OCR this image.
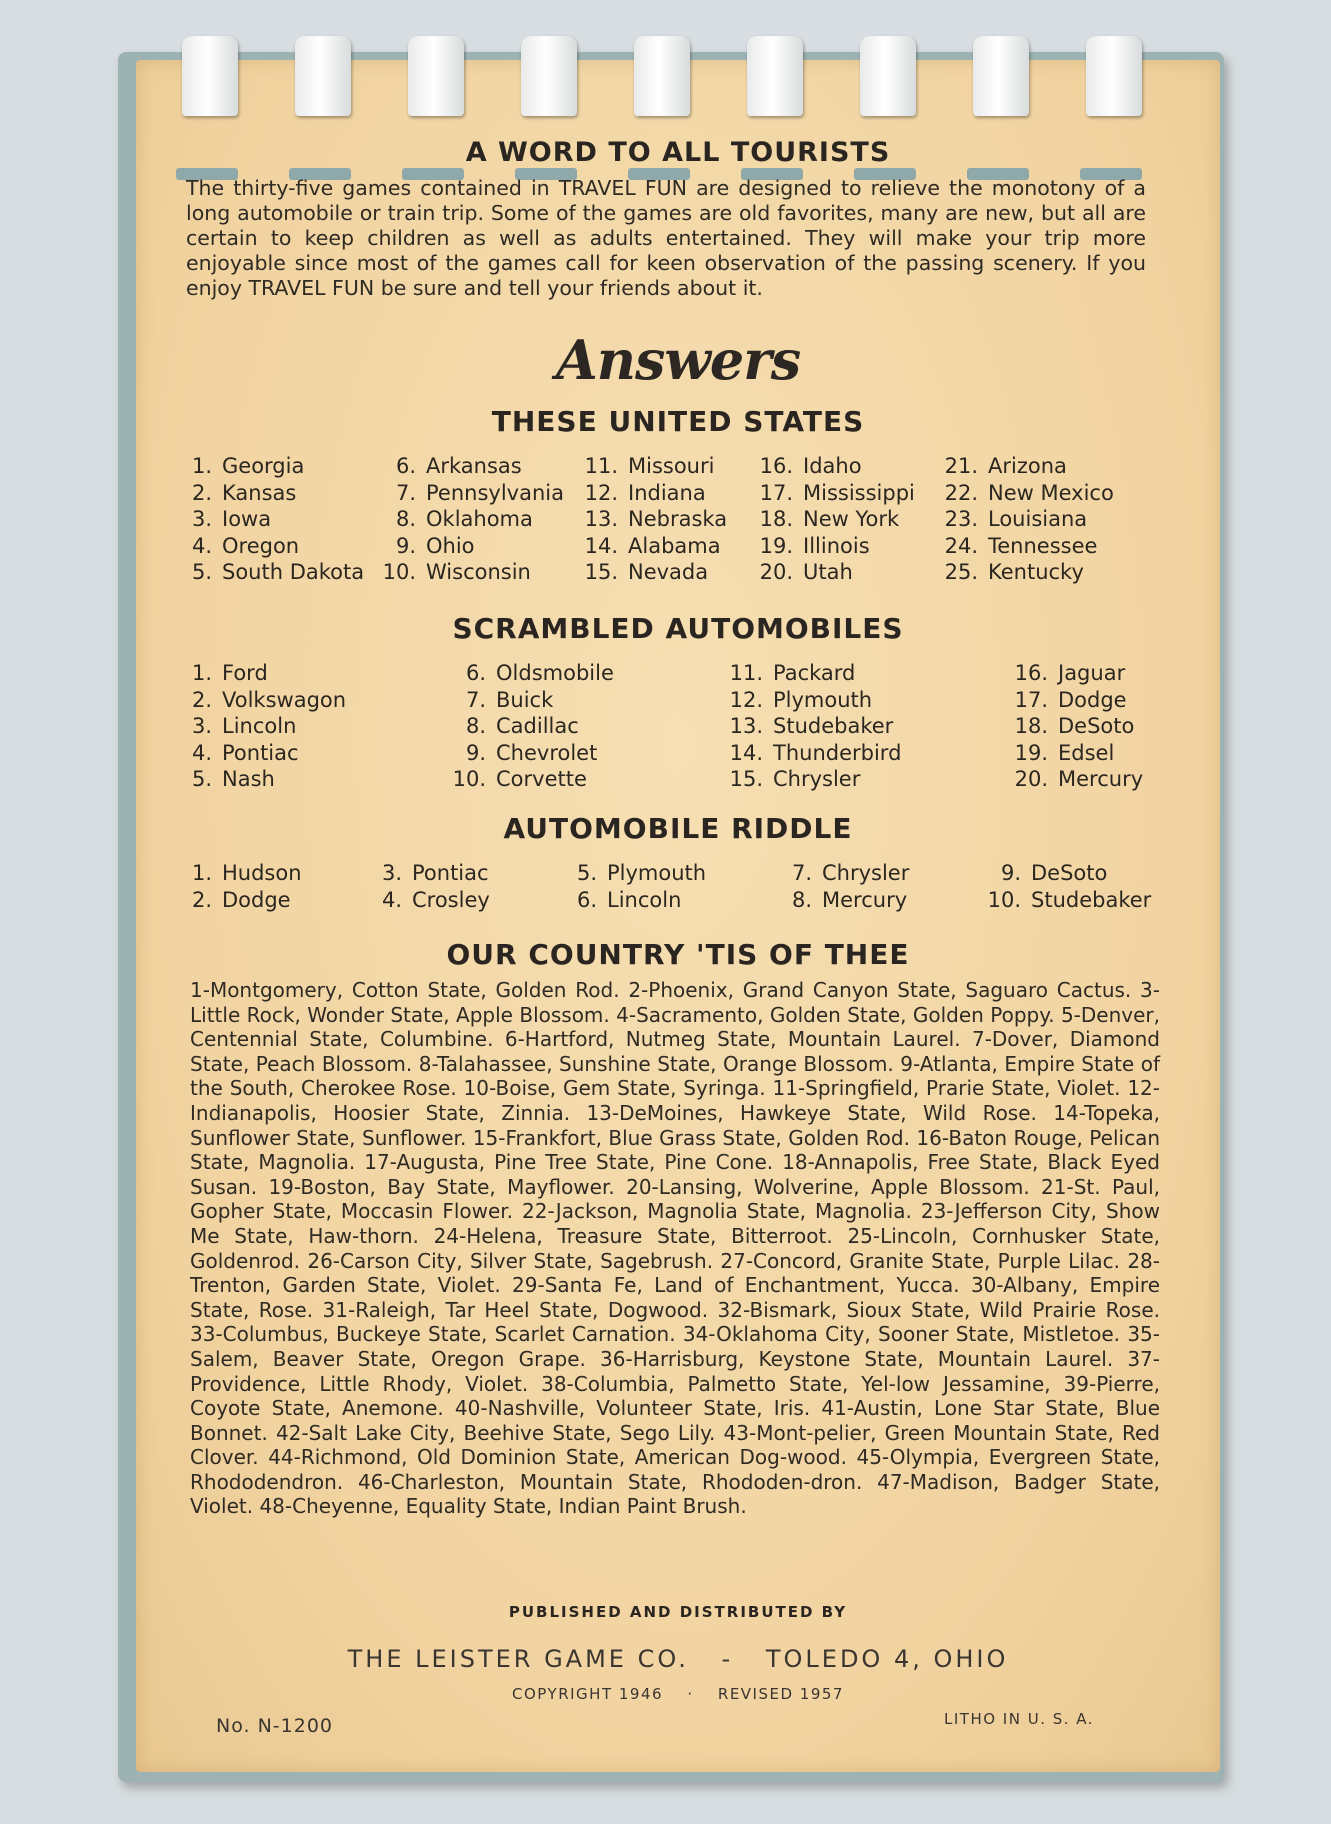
A WORD TO ALL TOURISTS
The thirty-five games contained in TRAVEL FUN are designed to relieve the monotony of a long automobile or train trip. Some of the games are old favorites, many are new, but all are certain to keep children as well as adults entertained. They will make your trip more enjoyable since most of the games call for keen observation of the passing scenery. If you enjoy TRAVEL FUN be sure and tell your friends about it.
Answers
THESE UNITED STATES
1. Georgia
2. Kansas
3. Iowa
4. Oregon
5. South Dakota
6. Arkansas
7. Pennsylvania
8. Oklahoma
9. Ohio
10. Wisconsin
11. Missouri
12. Indiana
13. Nebraska
14. Alabama
15. Nevada
16. Idaho
17. Mississippi
18. New York
19. Illinois
20. Utah
21. Arizona
22. New Mexico
23. Louisiana
24. Tennessee
25. Kentucky
SCRAMBLED AUTOMOBILES
1. Ford
2. Volkswagon
3. Lincoln
4. Pontiac
5. Nash
6. Oldsmobile
7. Buick
8. Cadillac
9. Chevrolet
10. Corvette
11. Packard
12. Plymouth
13. Studebaker
14. Thunderbird
15. Chrysler
16. Jaguar
17. Dodge
18. DeSoto
19. Edsel
20. Mercury
AUTOMOBILE RIDDLE
1. Hudson
2. Dodge
3. Pontiac
4. Crosley
5. Plymouth
6. Lincoln
7. Chrysler
8. Mercury
9. DeSoto
10. Studebaker
OUR COUNTRY 'TIS OF THEE
1-Montgomery, Cotton State, Golden Rod. 2-Phoenix, Grand Canyon State, Saguaro Cactus. 3-Little Rock, Wonder State, Apple Blossom. 4-Sacramento, Golden State, Golden Poppy. 5-Denver, Centennial State, Columbine. 6-Hartford, Nutmeg State, Mountain Laurel. 7-Dover, Diamond State, Peach Blossom. 8-Talahassee, Sunshine State, Orange Blossom. 9-Atlanta, Empire State of the South, Cherokee Rose. 10-Boise, Gem State, Syringa. 11-Springfield, Prarie State, Violet. 12-Indianapolis, Hoosier State, Zinnia. 13-DeMoines, Hawkeye State, Wild Rose. 14-Topeka, Sunflower State, Sunflower. 15-Frankfort, Blue Grass State, Golden Rod. 16-Baton Rouge, Pelican State, Magnolia. 17-Augusta, Pine Tree State, Pine Cone. 18-Annapolis, Free State, Black Eyed Susan. 19-Boston, Bay State, Mayflower. 20-Lansing, Wolverine, Apple Blossom. 21-St. Paul, Gopher State, Moccasin Flower. 22-Jackson, Magnolia State, Magnolia. 23-Jefferson City, Show Me State, Haw-thorn. 24-Helena, Treasure State, Bitterroot. 25-Lincoln, Cornhusker State, Goldenrod. 26-Carson City, Silver State, Sagebrush. 27-Concord, Granite State, Purple Lilac. 28-Trenton, Garden State, Violet. 29-Santa Fe, Land of Enchantment, Yucca. 30-Albany, Empire State, Rose. 31-Raleigh, Tar Heel State, Dogwood. 32-Bismark, Sioux State, Wild Prairie Rose. 33-Columbus, Buckeye State, Scarlet Carnation. 34-Oklahoma City, Sooner State, Mistletoe. 35-Salem, Beaver State, Oregon Grape. 36-Harrisburg, Keystone State, Mountain Laurel. 37-Providence, Little Rhody, Violet. 38-Columbia, Palmetto State, Yel-low Jessamine, 39-Pierre, Coyote State, Anemone. 40-Nashville, Volunteer State, Iris. 41-Austin, Lone Star State, Blue Bonnet. 42-Salt Lake City, Beehive State, Sego Lily. 43-Mont-pelier, Green Mountain State, Red Clover. 44-Richmond, Old Dominion State, American Dog-wood. 45-Olympia, Evergreen State, Rhododendron. 46-Charleston, Mountain State, Rhododen-dron. 47-Madison, Badger State, Violet. 48-Cheyenne, Equality State, Indian Paint Brush.
PUBLISHED AND DISTRIBUTED BY
THE LEISTER GAME CO. - TOLEDO 4, OHIO
COPYRIGHT 1946 · REVISED 1957
No. N-1200	LITHO IN U. S. A.
